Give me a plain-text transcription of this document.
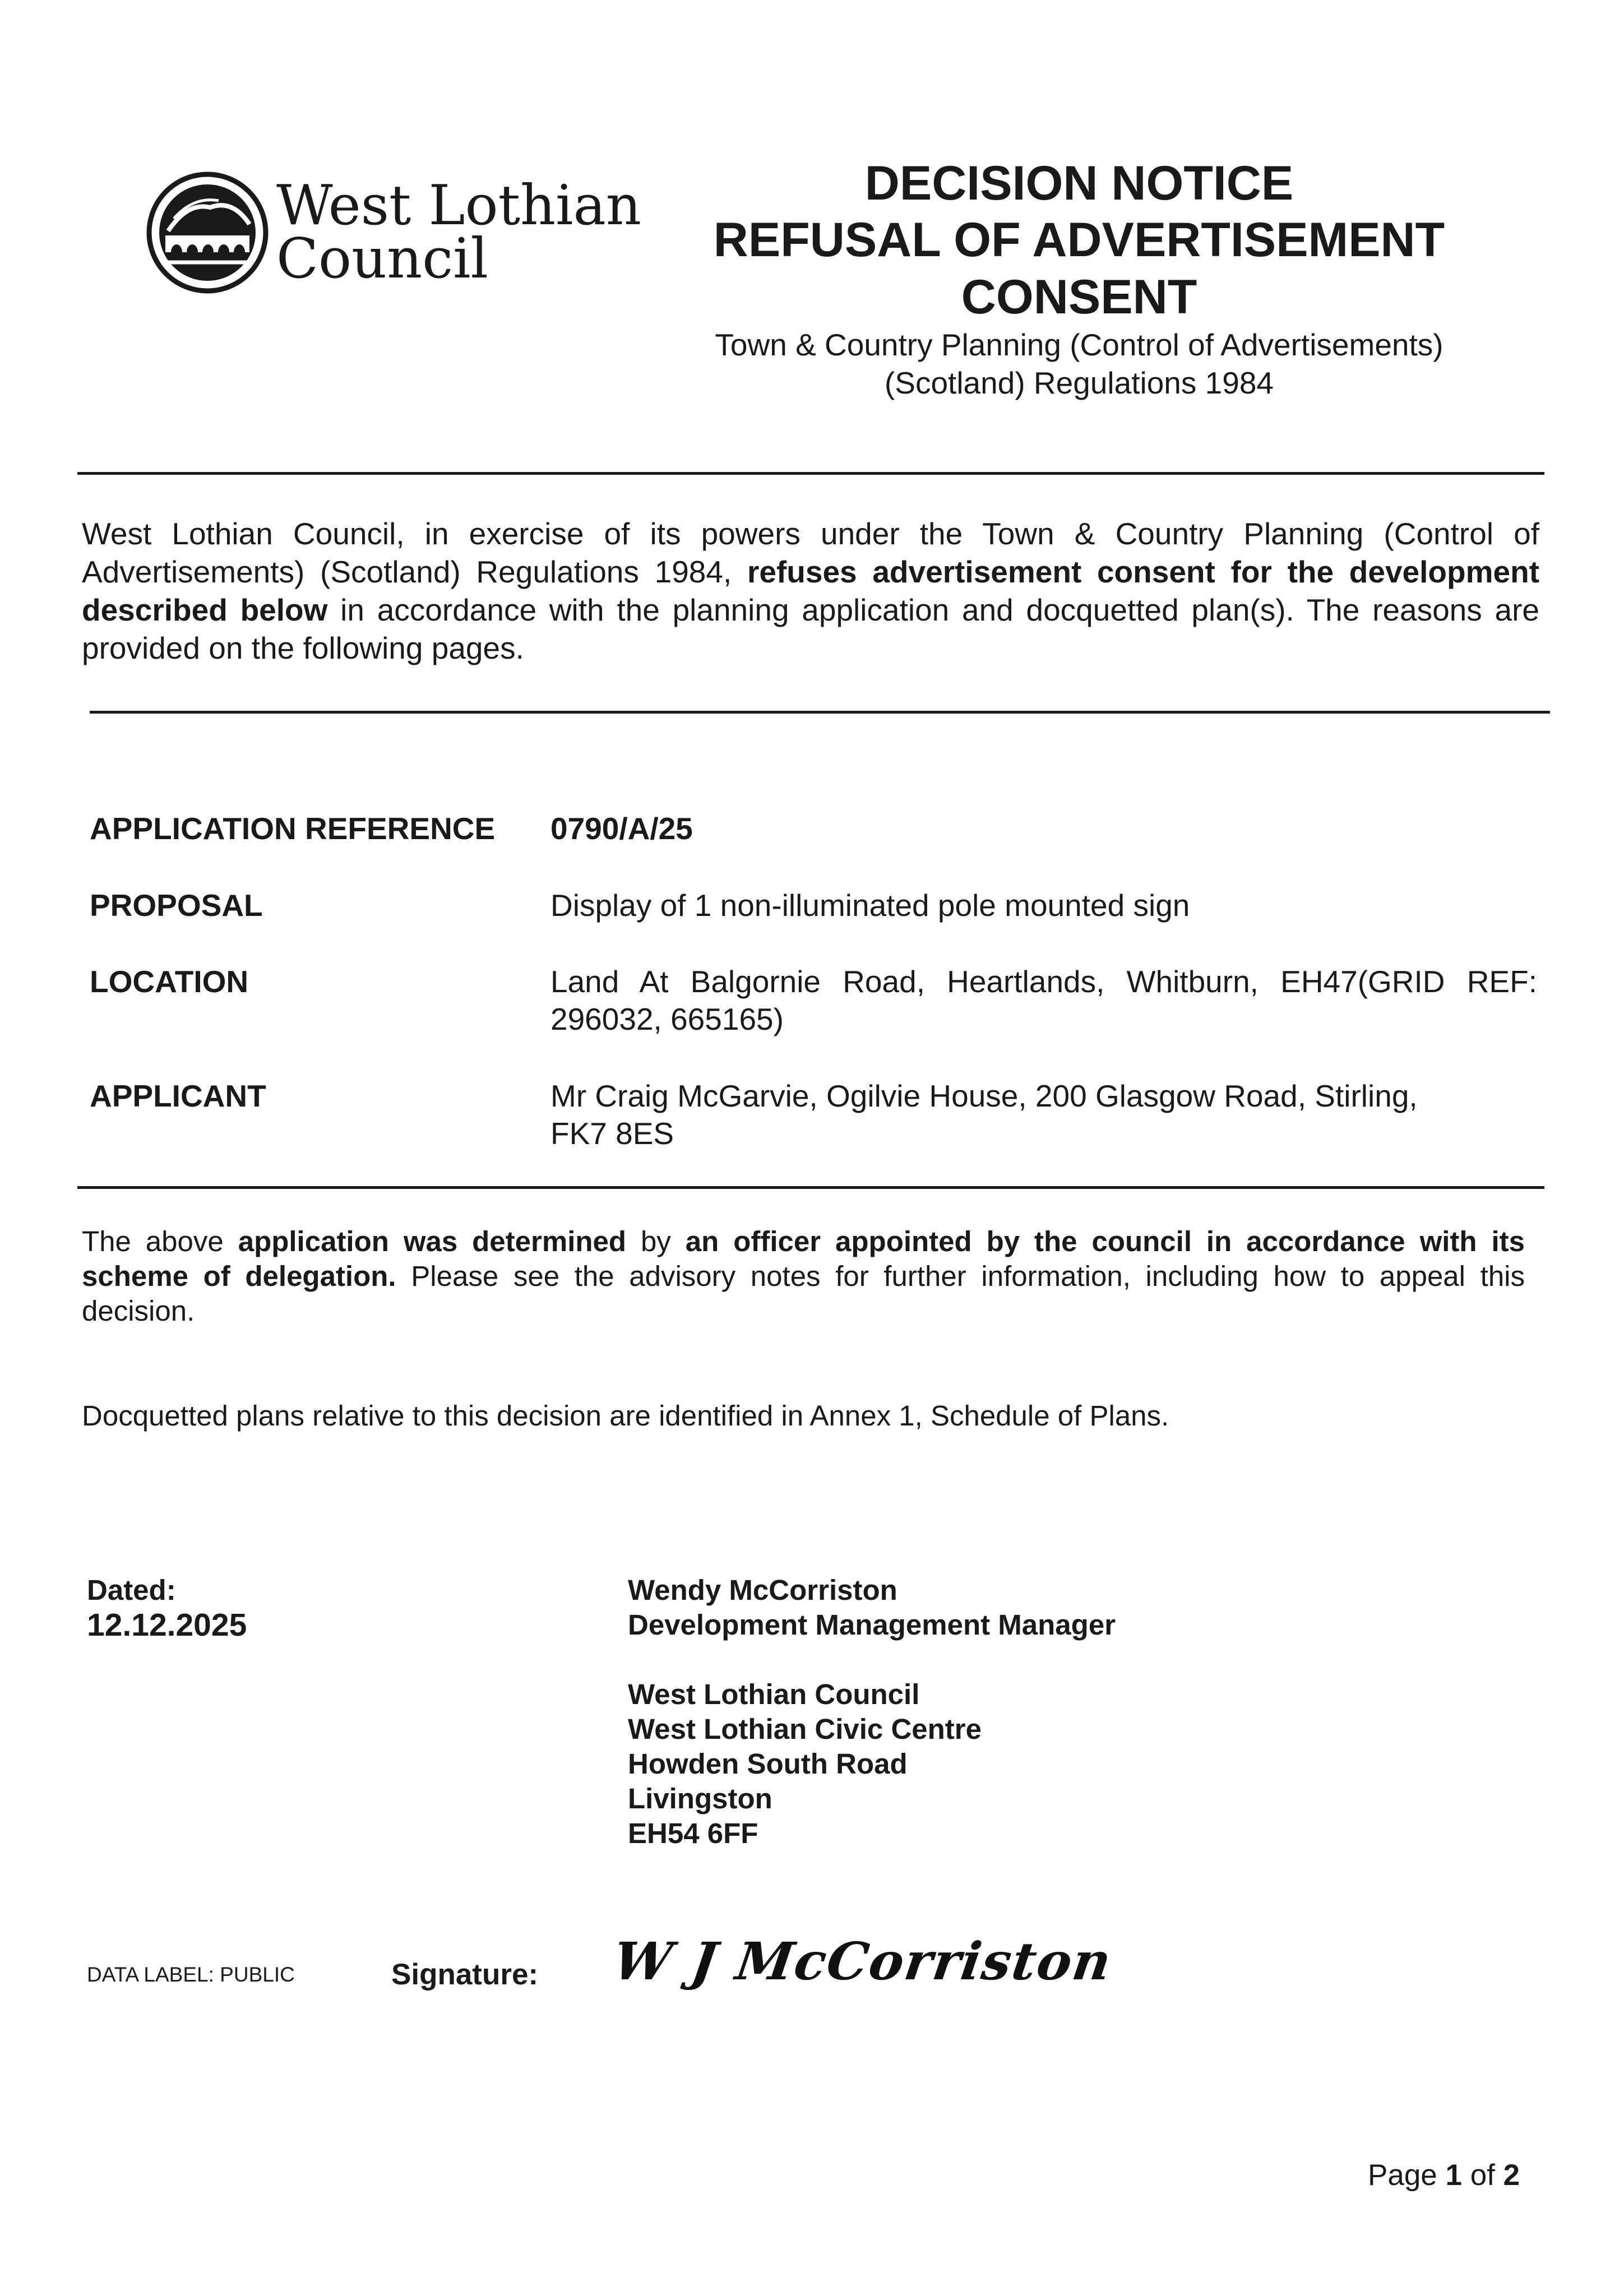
West Lothian
Council
DECISION NOTICE
REFUSAL OF ADVERTISEMENT
CONSENT
Town & Country Planning (Control of Advertisements)
(Scotland) Regulations 1984
West Lothian Council, in exercise of its powers under the Town & Country Planning (Control of Advertisements) (Scotland) Regulations 1984, refuses advertisement consent for the development described below in accordance with the planning application and docquetted plan(s). The reasons are provided on the following pages.
APPLICATION REFERENCE 0790/A/25
PROPOSAL	Display of 1 non-illuminated pole mounted sign
LOCATION	Land At Balgornie Road, Heartlands, Whitburn, EH47(GRID REF:
296032, 665165)
APPLICANT	Mr Craig McGarvie, Ogilvie House, 200 Glasgow Road, Stirling,
FK7 8ES
The above application was determined by an officer appointed by the council in accordance with its scheme of delegation. Please see the advisory notes for further information, including how to appeal this decision.
Docquetted plans relative to this decision are identified in Annex 1, Schedule of Plans.
Dated:
12.12.2025
Wendy McCorriston
Development Management Manager
West Lothian Council
West Lothian Civic Centre
Howden South Road
Livingston
EH54 6FF
DATA LABEL: PUBLIC	Signature: W J McCorriston
Page 1 of 2
